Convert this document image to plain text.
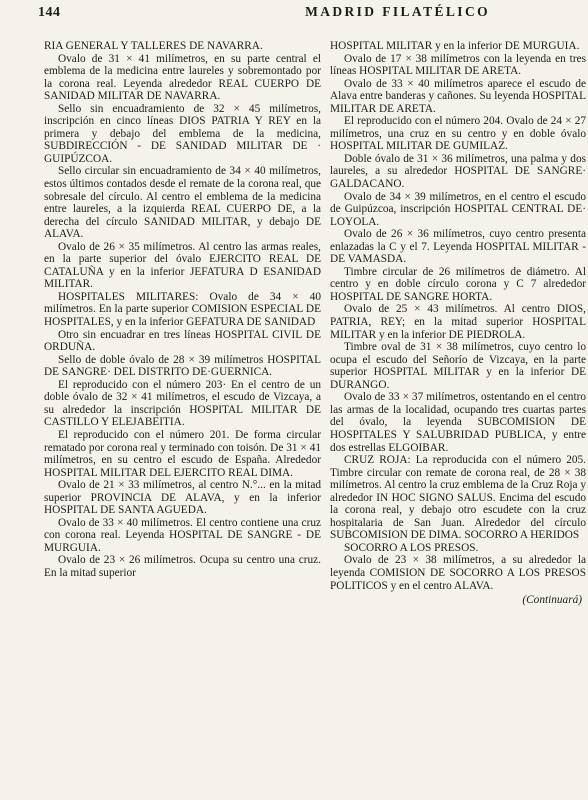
144	MADRID FILATÉLICO

RIA GENERAL Y TALLERES DE NAVARRA.

Ovalo de 31 × 41 milímetros, en su parte central el emblema de la medicina entre laureles y sobremontado por la corona real. Leyenda alrededor REAL CUERPO DE SANIDAD MILITAR DE NAVARRA.

Sello sin encuadramiento de 32 × 45 milímetros, inscripción en cinco líneas DIOS PATRIA Y REY en la primera y debajo del emblema de la medicina, SUBDIRECCIÓN - DE SANIDAD MILITAR DE · GUIPÚZCOA.

Sello circular sin encuadramiento de 34 × 40 milímetros, estos últimos contados desde el remate de la corona real, que sobresale del círculo. Al centro el emblema de la medicina entre laureles, a la izquierda REAL CUERPO DE, a la derecha del círculo SANIDAD MILITAR, y debajo DE ALAVA.

Ovalo de 26 × 35 milímetros. Al centro las armas reales, en la parte superior del óvalo EJERCITO REAL DE CATALUÑA y en la inferior JEFATURA D ESANIDAD MILITAR.

HOSPITALES MILITARES: Ovalo de 34 × 40 milímetros. En la parte superior COMISION ESPECIAL DE HOSPITALES, y en la inferior GEFATURA DE SANIDAD

Otro sin encuadrar en tres líneas HOSPITAL CIVIL DE ORDUÑA.

Sello de doble óvalo de 28 × 39 milímetros HOSPITAL DE SANGRE· DEL DISTRITO DE·GUERNICA.

El reproducido con el número 203· En el centro de un doble óvalo de 32 × 41 milímetros, el escudo de Vizcaya, a su alrededor la inscripción HOSPITAL MILITAR DE CASTILLO Y ELEJABEITIA.

El reproducido con el número 201. De forma circular rematado por corona real y terminado con toisón. De 31 × 41 milímetros, en su centro el escudo de España. Alrededor HOSPITAL MILITAR DEL EJERCITO REAL DIMA.

Ovalo de 21 × 33 milímetros, al centro N.°... en la mitad superior PROVINCIA DE ALAVA, y en la inferior HOSPITAL DE SANTA AGUEDA.

Ovalo de 33 × 40 milímetros. El centro contiene una cruz con corona real. Leyenda HOSPITAL DE SANGRE - DE MURGUIA.

Ovalo de 23 × 26 milímetros. Ocupa su centro una cruz. En la mitad superior

HOSPITAL MILITAR y en la inferior DE MURGUIA.

Ovalo de 17 × 38 milímetros con la leyenda en tres líneas HOSPITAL MILITAR DE ARETA.

Ovalo de 33 × 40 milímetros aparece el escudo de Alava entre banderas y cañones. Su leyenda HOSPITAL MILITAR DE ARETA.

El reproducido con el número 204. Ovalo de 24 × 27 milímetros, una cruz en su centro y en doble óvalo HOSPITAL MILITAR DE GUMILAZ.

Doble óvalo de 31 × 36 milímetros, una palma y dos laureles, a su alrededor HOSPITAL DE SANGRE· GALDACANO.

Ovalo de 34 × 39 milímetros, en el centro el escudo de Guipúzcoa, inscripción HOSPITAL CENTRAL DE· LOYOLA.

Ovalo de 26 × 36 milímetros, cuyo centro presenta enlazadas la C y el 7. Leyenda HOSPITAL MILITAR - DE VAMASDA.

Timbre circular de 26 milímetros de diámetro. Al centro y en doble círculo corona y C 7 alrededor HOSPITAL DE SANGRE HORTA.

Ovalo de 25 × 43 milímetros. Al centro DIOS, PATRIA, REY; en la mitad superior HOSPITAL MILITAR y en la inferior DE PIEDROLA.

Timbre oval de 31 × 38 milímetros, cuyo centro lo ocupa el escudo del Señorío de Vizcaya, en la parte superior HOSPITAL MILITAR y en la inferior DE DURANGO.

Ovalo de 33 × 37 milímetros, ostentando en el centro las armas de la localidad, ocupando tres cuartas partes del óvalo, la leyenda SUBCOMISION DE HOSPITALES Y SALUBRIDAD PUBLICA, y entre dos estrellas ELGOIBAR.

CRUZ ROJA: La reproducida con el número 205. Timbre circular con remate de corona real, de 28 × 38 milímetros. Al centro la cruz emblema de la Cruz Roja y alrededor IN HOC SIGNO SALUS. Encima del escudo la corona real, y debajo otro escudete con la cruz hospitalaria de San Juan. Alrededor del círculo SUBCOMISION DE DIMA. SOCORRO A HERIDOS

SOCORRO A LOS PRESOS.

Ovalo de 23 × 38 milímetros, a su alrededor la leyenda COMISION DE SOCORRO A LOS PRESOS POLITICOS y en el centro ALAVA.

(Continuará)
